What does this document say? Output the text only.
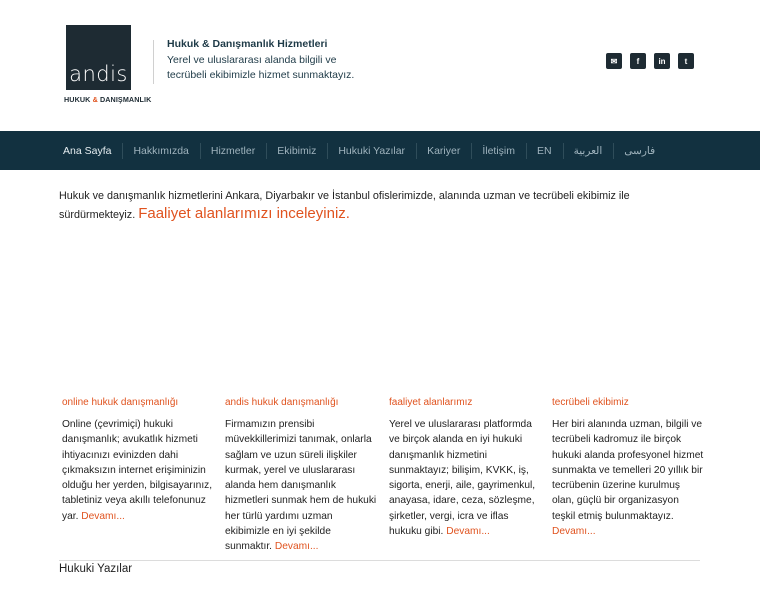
andis
HUKUK & DANIŞMANLIK
Hukuk & Danışmanlık Hizmetleri
Yerel ve uluslararası alanda bilgili ve tecrübeli ekibimizle hizmet sunmaktayız.
✉	f	in	t
Ana Sayfa	Hakkımızda	Hizmetler	Ekibimiz	Hukuki Yazılar	Kariyer	İletişim	EN	العربية	فارسی

Hukuk ve danışmanlık hizmetlerini Ankara, Diyarbakır ve İstanbul ofislerimizde, alanında uzman ve tecrübeli ekibimiz ile sürdürmekteyiz. Faaliyet alanlarımızı inceleyiniz.

online hukuk danışmanlığı

Online (çevrimiçi) hukuki danışmanlık; avukatlık hizmeti ihtiyacınızı evinizden dahi çıkmaksızın internet erişiminizin olduğu her yerden, bilgisayarınız, tabletiniz veya akıllı telefonunuz yar. Devamı...

andis hukuk danışmanlığı

Firmamızın prensibi müvekkillerimizi tanımak, onlarla sağlam ve uzun süreli ilişkiler kurmak, yerel ve uluslararası alanda hem danışmanlık hizmetleri sunmak hem de hukuki her türlü yardımı uzman ekibimizle en iyi şekilde sunmaktır. Devamı...

faaliyet alanlarımız

Yerel ve uluslararası platformda ve birçok alanda en iyi hukuki danışmanlık hizmetini sunmaktayız; bilişim, KVKK, iş, sigorta, enerji, aile, gayrimenkul, anayasa, idare, ceza, sözleşme, şirketler, vergi, icra ve iflas hukuku gibi. Devamı...

tecrübeli ekibimiz

Her biri alanında uzman, bilgili ve tecrübeli kadromuz ile birçok hukuki alanda profesyonel hizmet sunmakta ve temelleri 20 yıllık bir tecrübenin üzerine kurulmuş olan, güçlü bir organizasyon teşkil etmiş bulunmaktayız. Devamı...

Hukuki Yazılar
